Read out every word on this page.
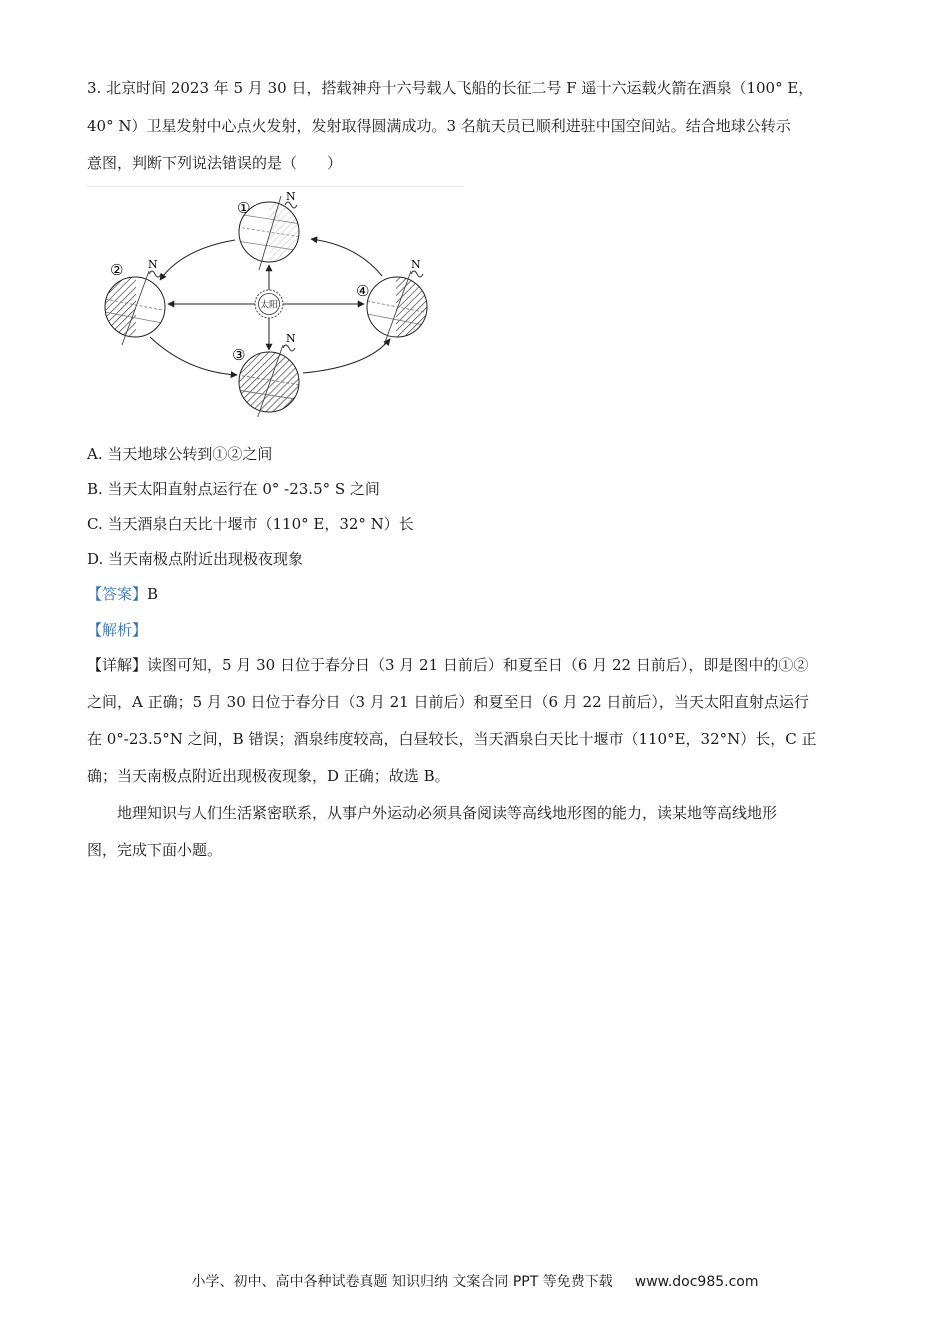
3. 北京时间 2023 年 5 月 30 日，搭载神舟十六号载人飞船的长征二号 F 遥十六运载火箭在酒泉（100° E，
40° N）卫星发射中心点火发射，发射取得圆满成功。3 名航天员已顺利进驻中国空间站。结合地球公转示
意图，判断下列说法错误的是（　　）
太阳
N
N
N
N
①
②
③
④
A. 当天地球公转到①②之间
B. 当天太阳直射点运行在 0° -23.5° S 之间
C. 当天酒泉白天比十堰市（110° E，32° N）长
D. 当天南极点附近出现极夜现象
【答案】B
【解析】
【详解】读图可知，5 月 30 日位于春分日（3 月 21 日前后）和夏至日（6 月 22 日前后），即是图中的①②
之间，A 正确；5 月 30 日位于春分日（3 月 21 日前后）和夏至日（6 月 22 日前后），当天太阳直射点运行
在 0°-23.5°N 之间，B 错误；酒泉纬度较高，白昼较长，当天酒泉白天比十堰市（110°E，32°N）长，C 正
确；当天南极点附近出现极夜现象，D 正确；故选 B。
地理知识与人们生活紧密联系，从事户外运动必须具备阅读等高线地形图的能力，读某地等高线地形
图，完成下面小题。
小学、初中、高中各种试卷真题 知识归纳 文案合同 PPT 等免费下载 www.doc985.com
